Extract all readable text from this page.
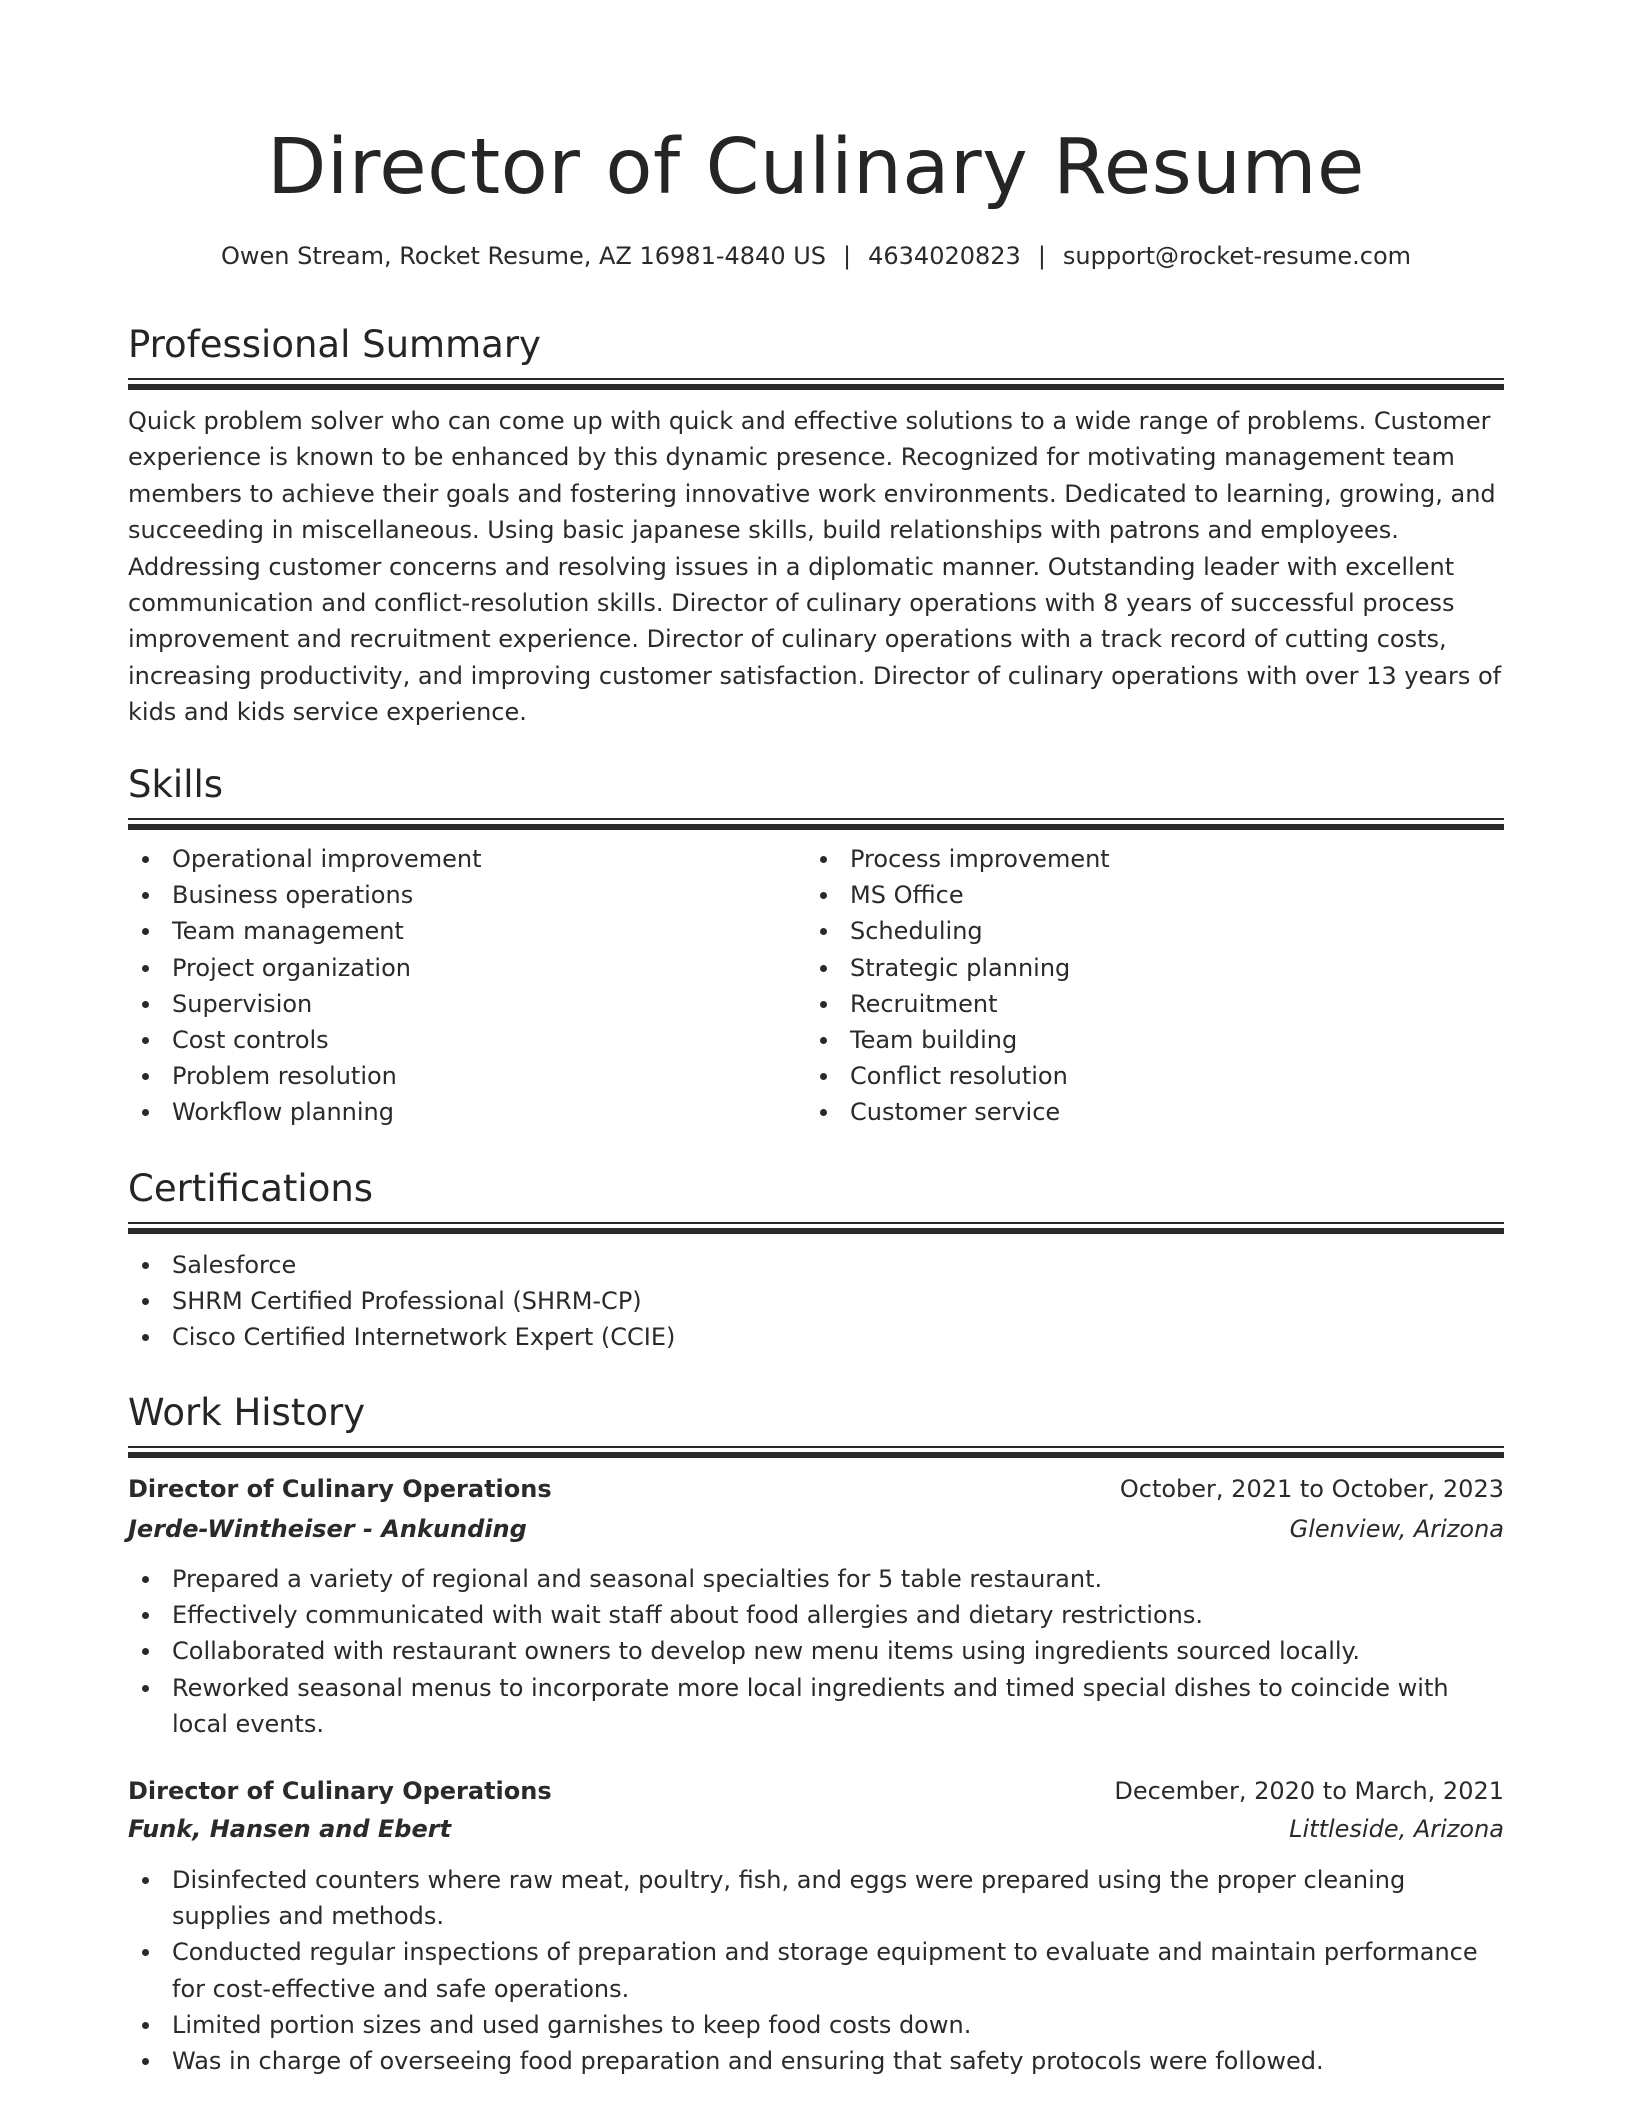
Director of Culinary Resume
Owen Stream, Rocket Resume, AZ 16981-4840 US | 4634020823 | support@rocket-resume.com
Professional Summary

Quick problem solver who can come up with quick and effective solutions to a wide range of problems. Customer experience is known to be enhanced by this dynamic presence. Recognized for motivating management team members to achieve their goals and fostering innovative work environments. Dedicated to learning, growing, and succeeding in miscellaneous. Using basic japanese skills, build relationships with patrons and employees. Addressing customer concerns and resolving issues in a diplomatic manner. Outstanding leader with excellent communication and conflict-resolution skills. Director of culinary operations with 8 years of successful process improvement and recruitment experience. Director of culinary operations with a track record of cutting costs, increasing productivity, and improving customer satisfaction. Director of culinary operations with over 13 years of kids and kids service experience.

Skills
Operational improvement
Business operations
Team management
Project organization
Supervision
Cost controls
Problem resolution
Workflow planning
Process improvement
MS Office
Scheduling
Strategic planning
Recruitment
Team building
Conflict resolution
Customer service
Certifications
Salesforce
SHRM Certified Professional (SHRM-CP)
Cisco Certified Internetwork Expert (CCIE)
Work History
Director of Culinary Operations	October, 2021 to October, 2023
Jerde-Wintheiser - Ankunding	Glenview, Arizona
Prepared a variety of regional and seasonal specialties for 5 table restaurant.
Effectively communicated with wait staff about food allergies and dietary restrictions.
Collaborated with restaurant owners to develop new menu items using ingredients sourced locally.
Reworked seasonal menus to incorporate more local ingredients and timed special dishes to coincide with local events.
Director of Culinary Operations	December, 2020 to March, 2021
Funk, Hansen and Ebert	Littleside, Arizona
Disinfected counters where raw meat, poultry, fish, and eggs were prepared using the proper cleaning supplies and methods.
Conducted regular inspections of preparation and storage equipment to evaluate and maintain performance for cost-effective and safe operations.
Limited portion sizes and used garnishes to keep food costs down.
Was in charge of overseeing food preparation and ensuring that safety protocols were followed.
